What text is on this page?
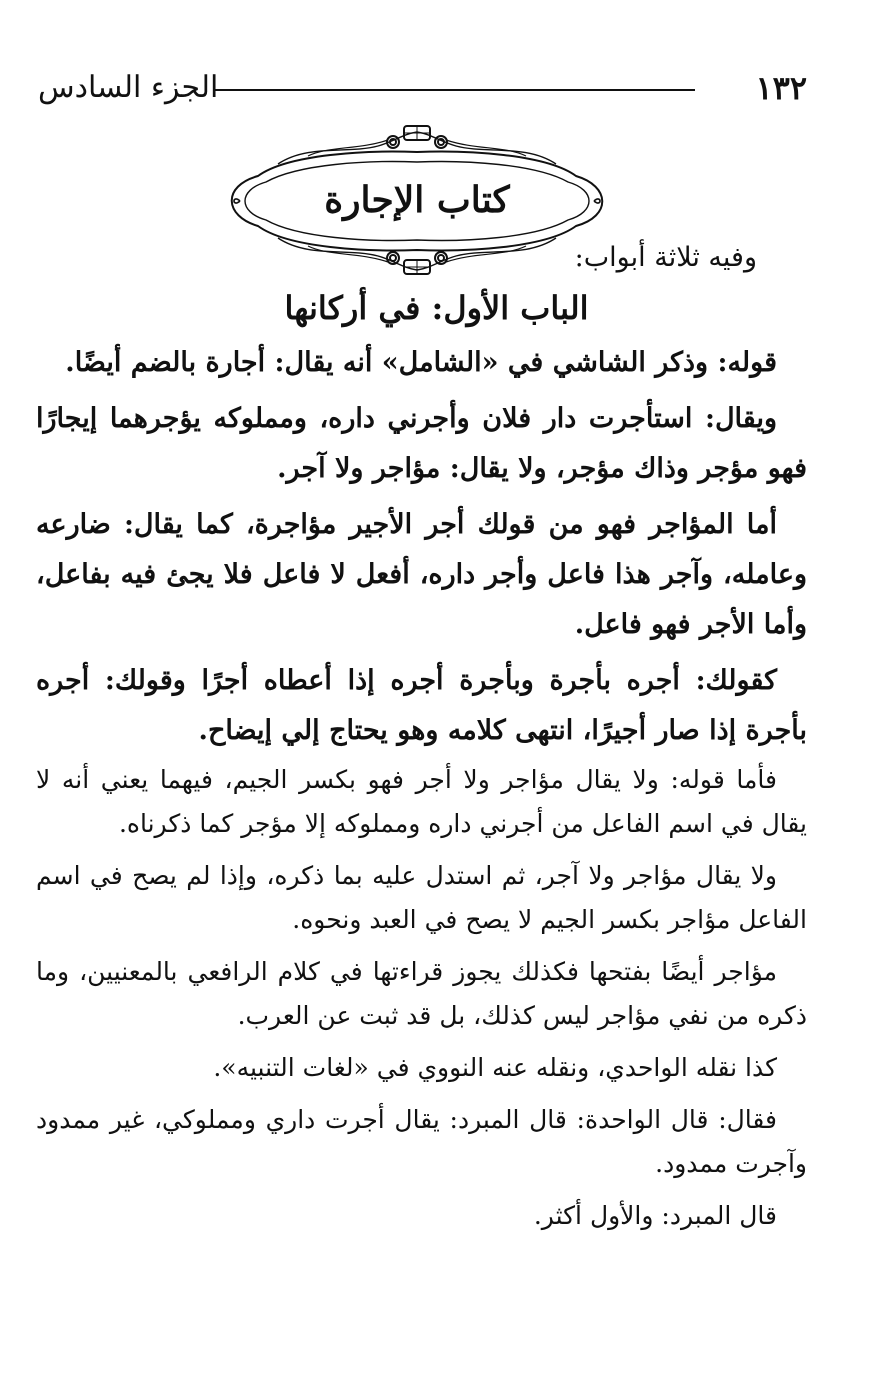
١٣٢
الجزء السادس
كتاب الإجارة
وفيه ثلاثة أبواب:
الباب الأول: في أركانها

قوله: وذكر الشاشي في «الشامل» أنه يقال: أجارة بالضم أيضًا.

ويقال: استأجرت دار فلان وأجرني داره، ومملوكه يؤجرهما إيجارًا فهو مؤجر وذاك مؤجر، ولا يقال: مؤاجر ولا آجر.

أما المؤاجر فهو من قولك أجر الأجير مؤاجرة، كما يقال: ضارعه وعامله، وآجر هذا فاعل وأجر داره، أفعل لا فاعل فلا يجئ فيه بفاعل، وأما الأجر فهو فاعل.

كقولك: أجره بأجرة وبأجرة أجره إذا أعطاه أجرًا وقولك: أجره بأجرة إذا صار أجيرًا، انتهى كلامه وهو يحتاج إلي إيضاح.

فأما قوله: ولا يقال مؤاجر ولا أجر فهو بكسر الجيم، فيهما يعني أنه لا يقال في اسم الفاعل من أجرني داره ومملوكه إلا مؤجر كما ذكرناه.

ولا يقال مؤاجر ولا آجر، ثم استدل عليه بما ذكره، وإذا لم يصح في اسم الفاعل مؤاجر بكسر الجيم لا يصح في العبد ونحوه.

مؤاجر أيضًا بفتحها فكذلك يجوز قراءتها في كلام الرافعي بالمعنيين، وما ذكره من نفي مؤاجر ليس كذلك، بل قد ثبت عن العرب.

كذا نقله الواحدي، ونقله عنه النووي في «لغات التنبيه».

فقال: قال الواحدة: قال المبرد: يقال أجرت داري ومملوكي، غير ممدود وآجرت ممدود.

قال المبرد: والأول أكثر.
